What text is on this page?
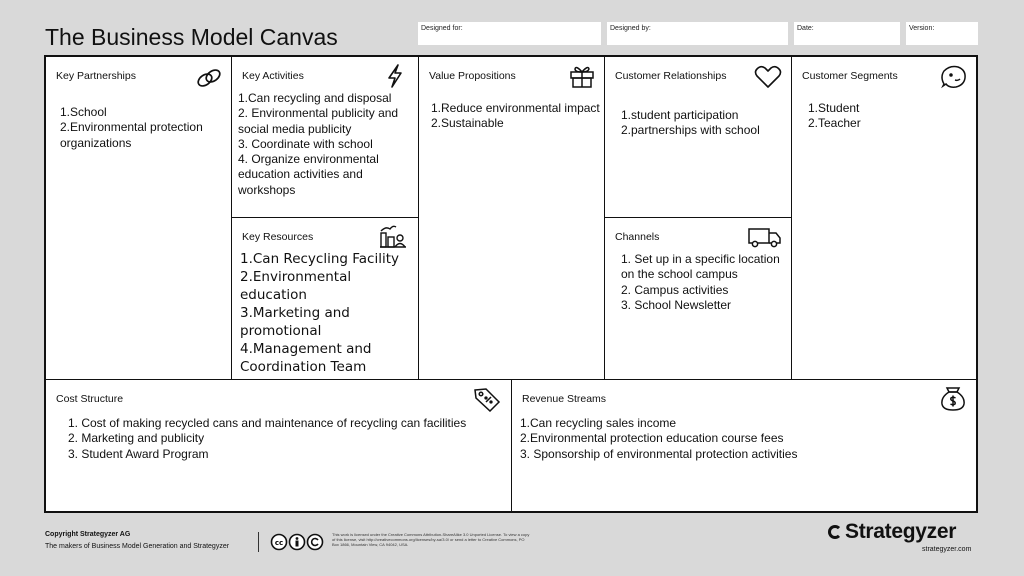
The Business Model Canvas	Designed for:	Designed by:	Date:	Version:
Key Partnerships
1.School
2.Environmental protection organizations
Key Activities
1.Can recycling and disposal
2. Environmental publicity and social media publicity
3. Coordinate with school
4. Organize environmental education activities and workshops
Key Resources
1.Can Recycling Facility
2.Environmental education
3.Marketing and promotional
4.Management and Coordination Team
Value Propositions
1.Reduce environmental impact
2.Sustainable
Customer Relationships
1.student participation
2.partnerships with school
Channels
1. Set up in a specific location on the school campus
2. Campus activities
3. School Newsletter
Customer Segments
1.Student
2.Teacher
Cost Structure
1. Cost of making recycled cans and maintenance of recycling can facilities
2. Marketing and publicity
3. Student Award Program
Revenue Streams
1.Can recycling sales income
2.Environmental protection education course fees
3. Sponsorship of environmental protection activities
Copyright Strategyzer AG
The makers of Business Model Generation and Strategyzer	cc
This work is licensed under the Creative Commons Attribution-ShareAlike 3.0 Unported License. To view a copy of this license, visit http://creativecommons.org/licenses/by-sa/3.0/ or send a letter to Creative Commons, PO Box 1866, Mountain View, CA 94042, USA.
Strategyzer
strategyzer.com
